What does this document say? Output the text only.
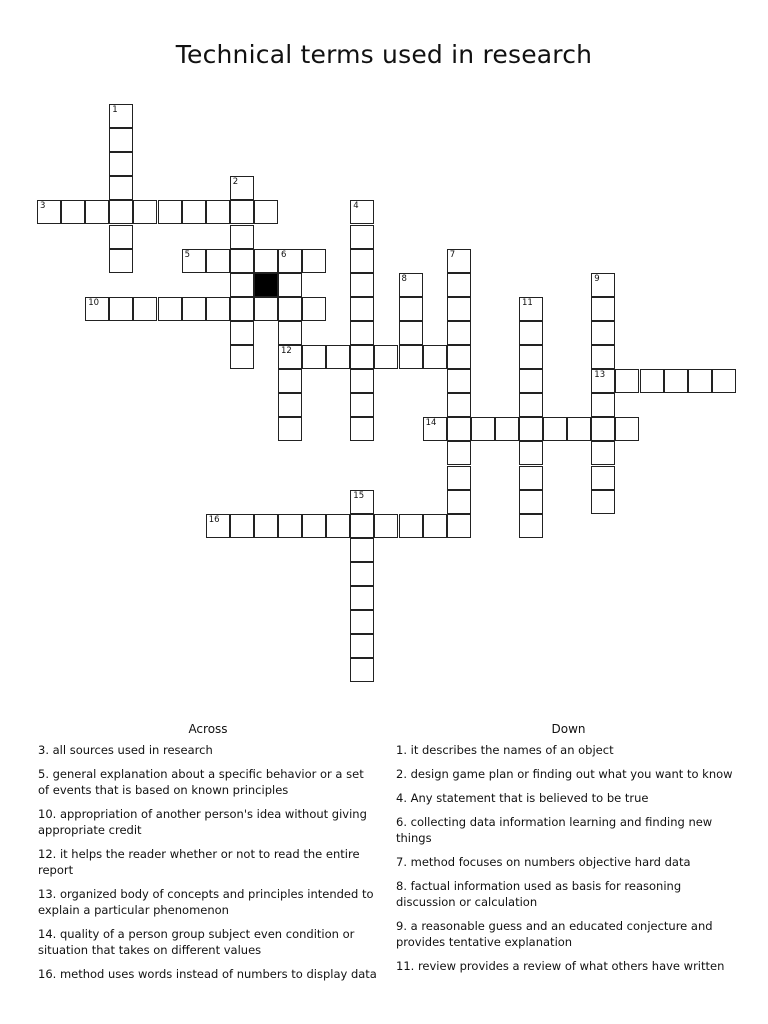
Technical terms used in research
1
2
3	4
5	6
12
7
8	9
13
10	11
14
15
16
Across
3. all sources used in research
5. general explanation about a specific behavior or a set of events that is based on known principles
10. appropriation of another person's idea without giving appropriate credit
12. it helps the reader whether or not to read the entire report
13. organized body of concepts and principles intended to explain a particular phenomenon
14. quality of a person group subject even condition or situation that takes on different values
16. method uses words instead of numbers to display data
Down
1. it describes the names of an object
2. design game plan or finding out what you want to know
4. Any statement that is believed to be true
6. collecting data information learning and finding new things
7. method focuses on numbers objective hard data
8. factual information used as basis for reasoning discussion or calculation
9. a reasonable guess and an educated conjecture and provides tentative explanation
11. review provides a review of what others have written
